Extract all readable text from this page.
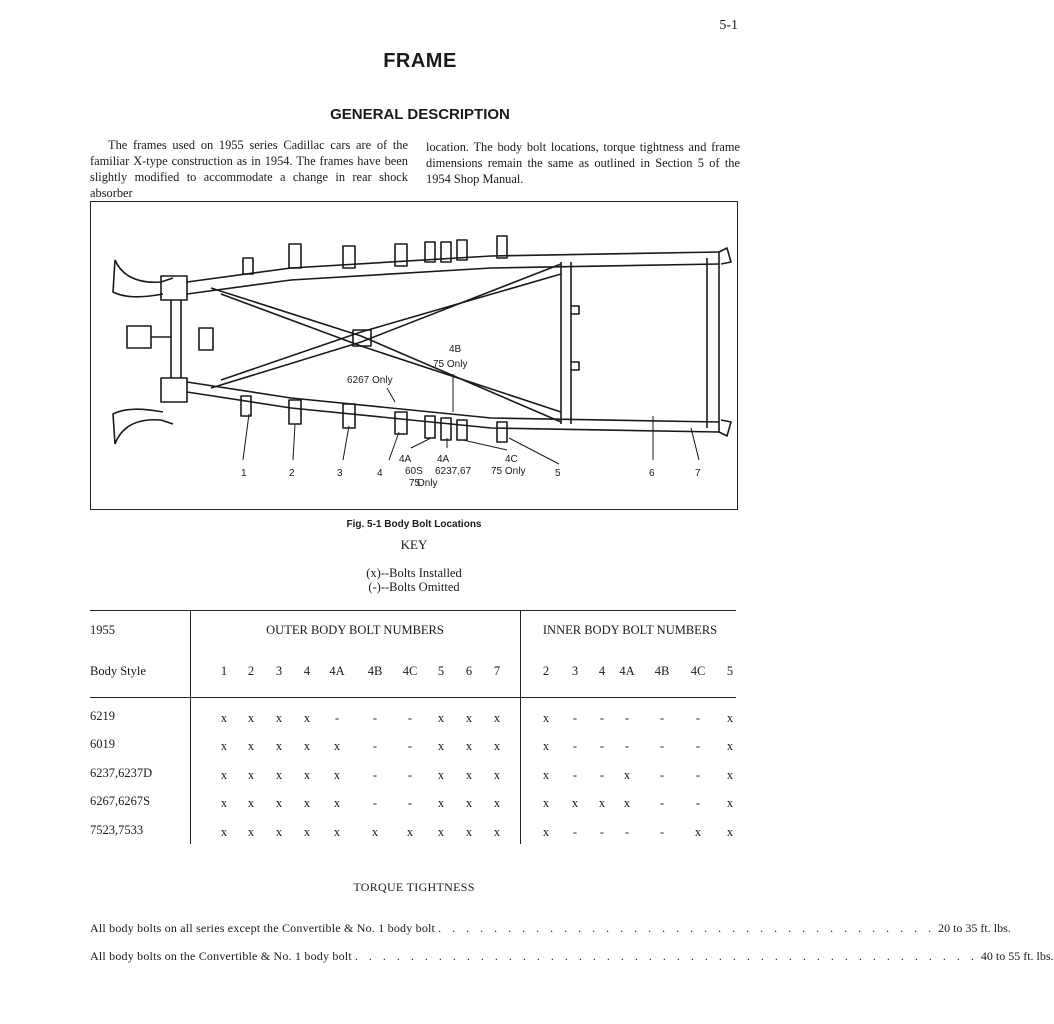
5-1
FRAME
GENERAL DESCRIPTION
The frames used on 1955 series Cadillac cars are of the familiar X-type construction as in 1954. The frames have been slightly modified to accommodate a change in rear shock absorber
location. The body bolt locations, torque tightness and frame dimensions remain the same as outlined in Section 5 of the 1954 Shop Manual.
4B
75 Only
6267 Only
1	2	3	4
4A
60S
75
Only
4A
6237,67
4C
75 Only	5	6	7
Fig. 5-1 Body Bolt Locations
KEY
(x)--Bolts Installed
(-)--Bolts Omitted
1955	OUTER BODY BOLT NUMBERS	INNER BODY BOLT NUMBERS
Body Style	1	2	3	4	4A	4B	4C	5	6	7	2	3	4	4A	4B	4C	5
6219	x	x	x	x	-	-	-	x	x	x	x	-	-	-	-	-	x
6019	x	x	x	x	x	-	-	x	x	x	x	-	-	-	-	-	x
6237,6237D	x	x	x	x	x	-	-	x	x	x	x	-	-	x	-	-	x
6267,6267S	x	x	x	x	x	-	-	x	x	x	x	x	x	x	-	-	x
7523,7533	x	x	x	x	x	x	x	x	x	x	x	-	-	-	-	x	x
TORQUE TIGHTNESS
All body bolts on all series except the Convertible & No. 1 body bolt . . . . . . . . . . . . . . . . . . . . . . . . . . . . . . . . . . . . 20 to 35 ft. lbs.
All body bolts on the Convertible & No. 1 body bolt . . . . . . . . . . . . . . . . . . . . . . . . . . . . . . . . . . . . . . . . . . . . . 40 to 55 ft. lbs.
